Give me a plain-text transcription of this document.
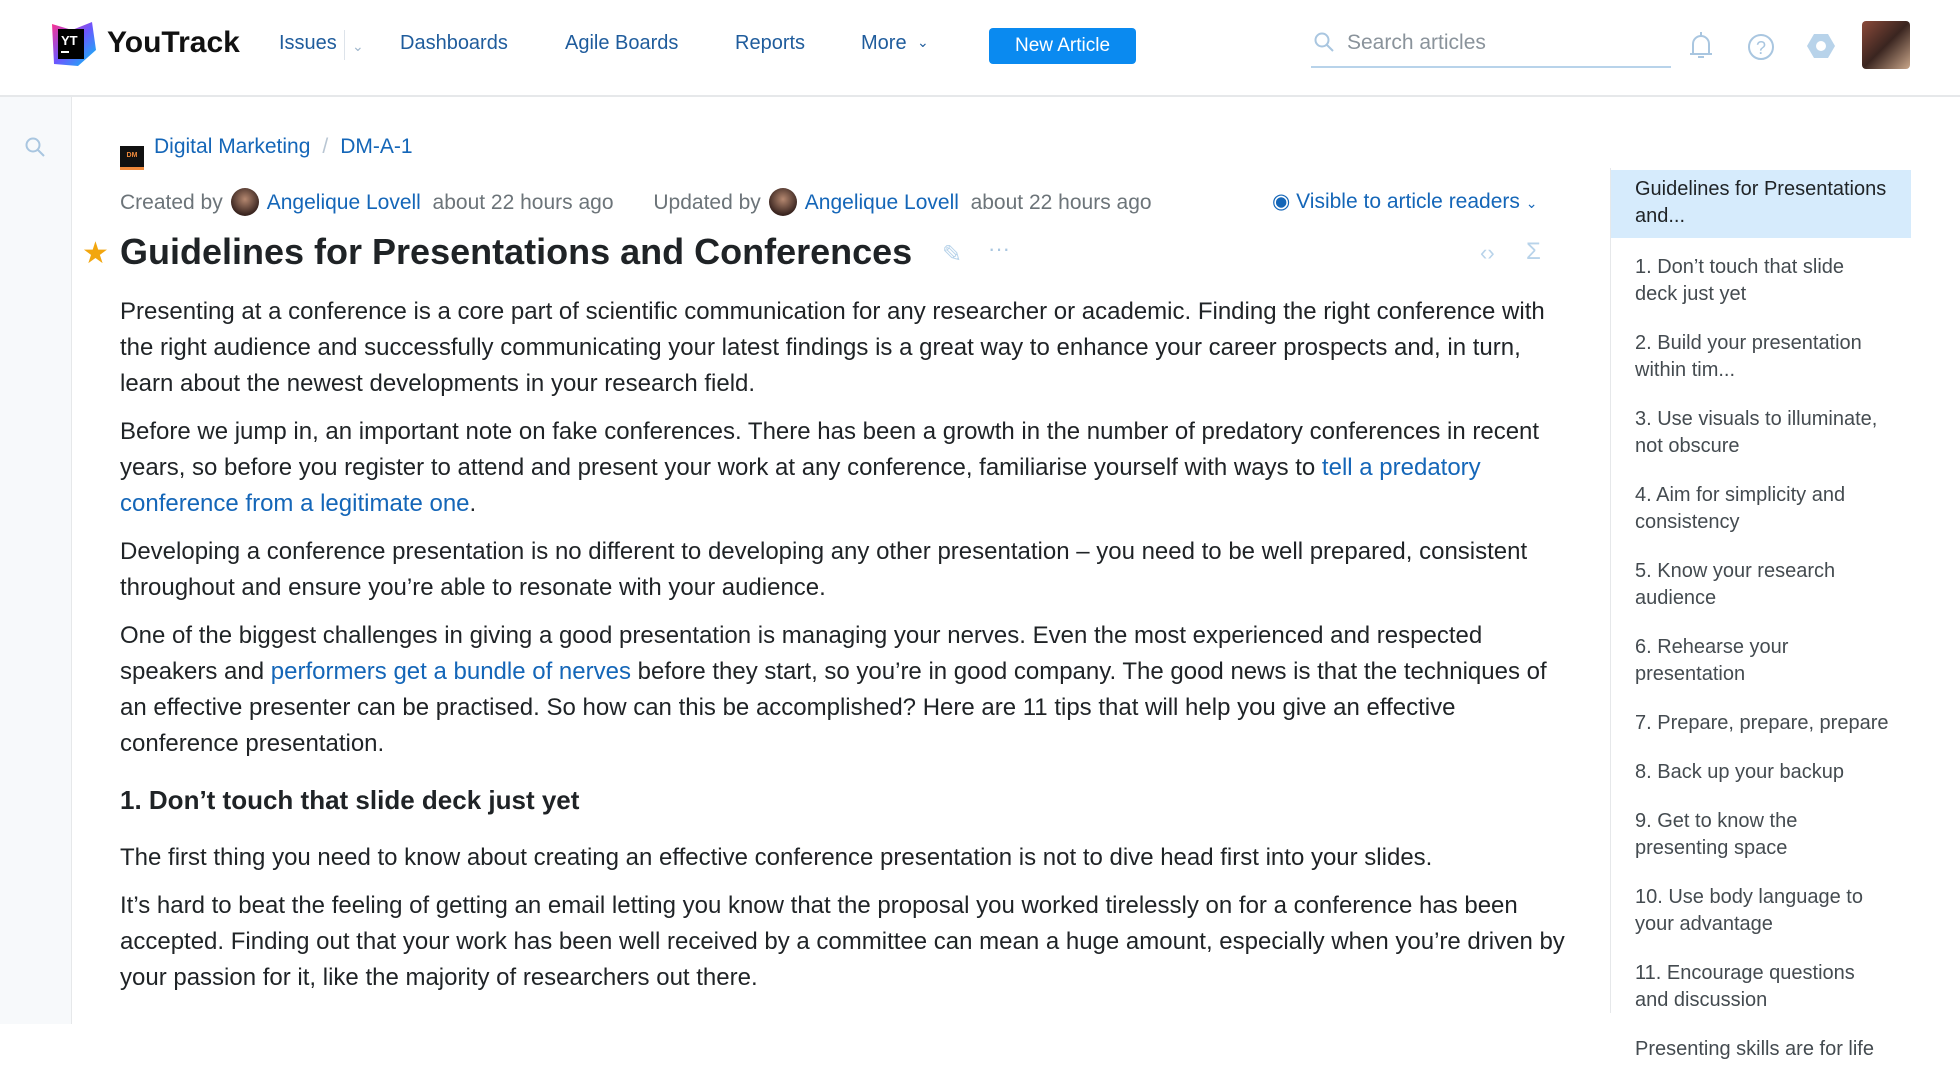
YT YouTrack Issues ⌄ Dashboards	Agile Boards	Reports	More ⌄	New Article	Search articles	?
DM Digital Marketing / DM-A-1
Created by Angelique Lovell about 22 hours ago Updated by Angelique Lovell about 22 hours ago	◉ Visible to article readers ⌄
★ Guidelines for Presentations and Conferences ✎ ···	‹› Σ

Presenting at a conference is a core part of scientific communication for any researcher or academic. Finding the right conference with the right audience and successfully communicating your latest findings is a great way to enhance your career prospects and, in turn, learn about the newest developments in your research field.

Before we jump in, an important note on fake conferences. There has been a growth in the number of predatory conferences in recent years, so before you register to attend and present your work at any conference, familiarise yourself with ways to tell a predatory conference from a legitimate one.

Developing a conference presentation is no different to developing any other presentation – you need to be well prepared, consistent throughout and ensure you’re able to resonate with your audience.

One of the biggest challenges in giving a good presentation is managing your nerves. Even the most experienced and respected speakers and performers get a bundle of nerves before they start, so you’re in good company. The good news is that the techniques of an effective presenter can be practised. So how can this be accomplished? Here are 11 tips that will help you give an effective conference presentation.

1. Don’t touch that slide deck just yet

The first thing you need to know about creating an effective conference presentation is not to dive head first into your slides.

It’s hard to beat the feeling of getting an email letting you know that the proposal you worked tirelessly on for a conference has been accepted. Finding out that your work has been well received by a committee can mean a huge amount, especially when you’re driven by your passion for it, like the majority of researchers out there.

Guidelines for Presentations and...
1. Don’t touch that slide deck just yet
2. Build your presentation within tim...
3. Use visuals to illuminate, not obscure
4. Aim for simplicity and consistency
5. Know your research audience
6. Rehearse your presentation
7. Prepare, prepare, prepare
8. Back up your backup
9. Get to know the presenting space
10. Use body language to your advantage
11. Encourage questions and discussion
Presenting skills are for life
